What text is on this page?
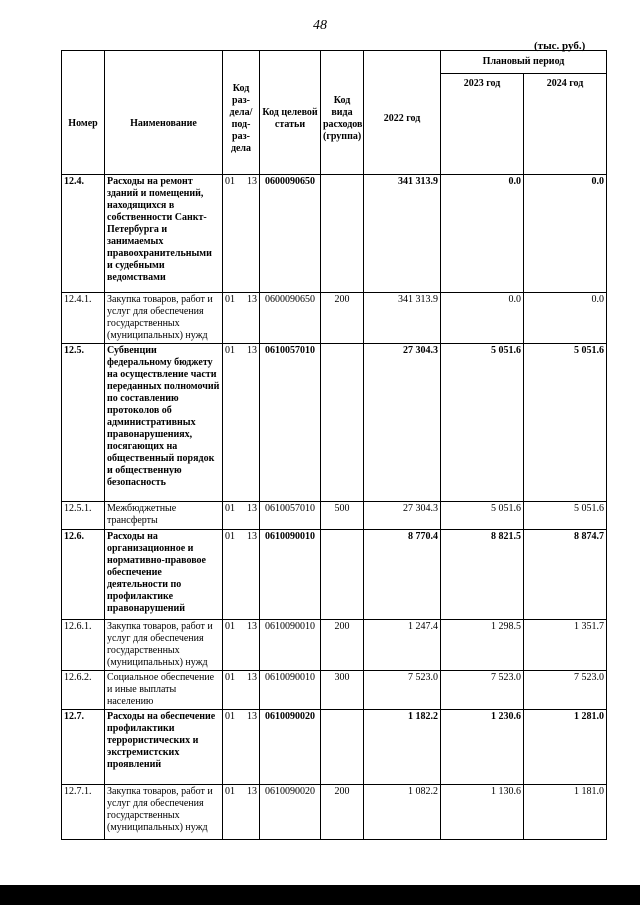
48
(тыс. руб.)
Номер	Наименование	Код раз- дела/ под- раз- дела	Код целевой статьи	Код вида расходов (группа)	2022 год	Плановый период	
						2023 год	2024 год
12.4.	Расходы на ремонт зданий и помещений, находящихся в собственности Санкт-Петербурга и занимаемых правоохранительными и судебными ведомствами	01 13	0600090650		341 313.9	0.0	0.0
12.4.1.	Закупка товаров, работ и услуг для обеспечения государственных (муниципальных) нужд	01 13	0600090650	200	341 313.9	0.0	0.0
12.5.	Субвенции федеральному бюджету на осуществление части переданных полномочий по составлению протоколов об административных правонарушениях, посягающих на общественный порядок и общественную безопасность	01 13	0610057010		27 304.3	5 051.6	5 051.6
12.5.1.	Межбюджетные трансферты	01 13	0610057010	500	27 304.3	5 051.6	5 051.6
12.6.	Расходы на организационное и нормативно-правовое обеспечение деятельности по профилактике правонарушений	01 13	0610090010		8 770.4	8 821.5	8 874.7
12.6.1.	Закупка товаров, работ и услуг для обеспечения государственных (муниципальных) нужд	01 13	0610090010	200	1 247.4	1 298.5	1 351.7
12.6.2.	Социальное обеспечение и иные выплаты населению	01 13	0610090010	300	7 523.0	7 523.0	7 523.0
12.7.	Расходы на обеспечение профилактики террористических и экстремистских проявлений	01 13	0610090020		1 182.2	1 230.6	1 281.0
12.7.1.	Закупка товаров, работ и услуг для обеспечения государственных (муниципальных) нужд	01 13	0610090020	200	1 082.2	1 130.6	1 181.0
